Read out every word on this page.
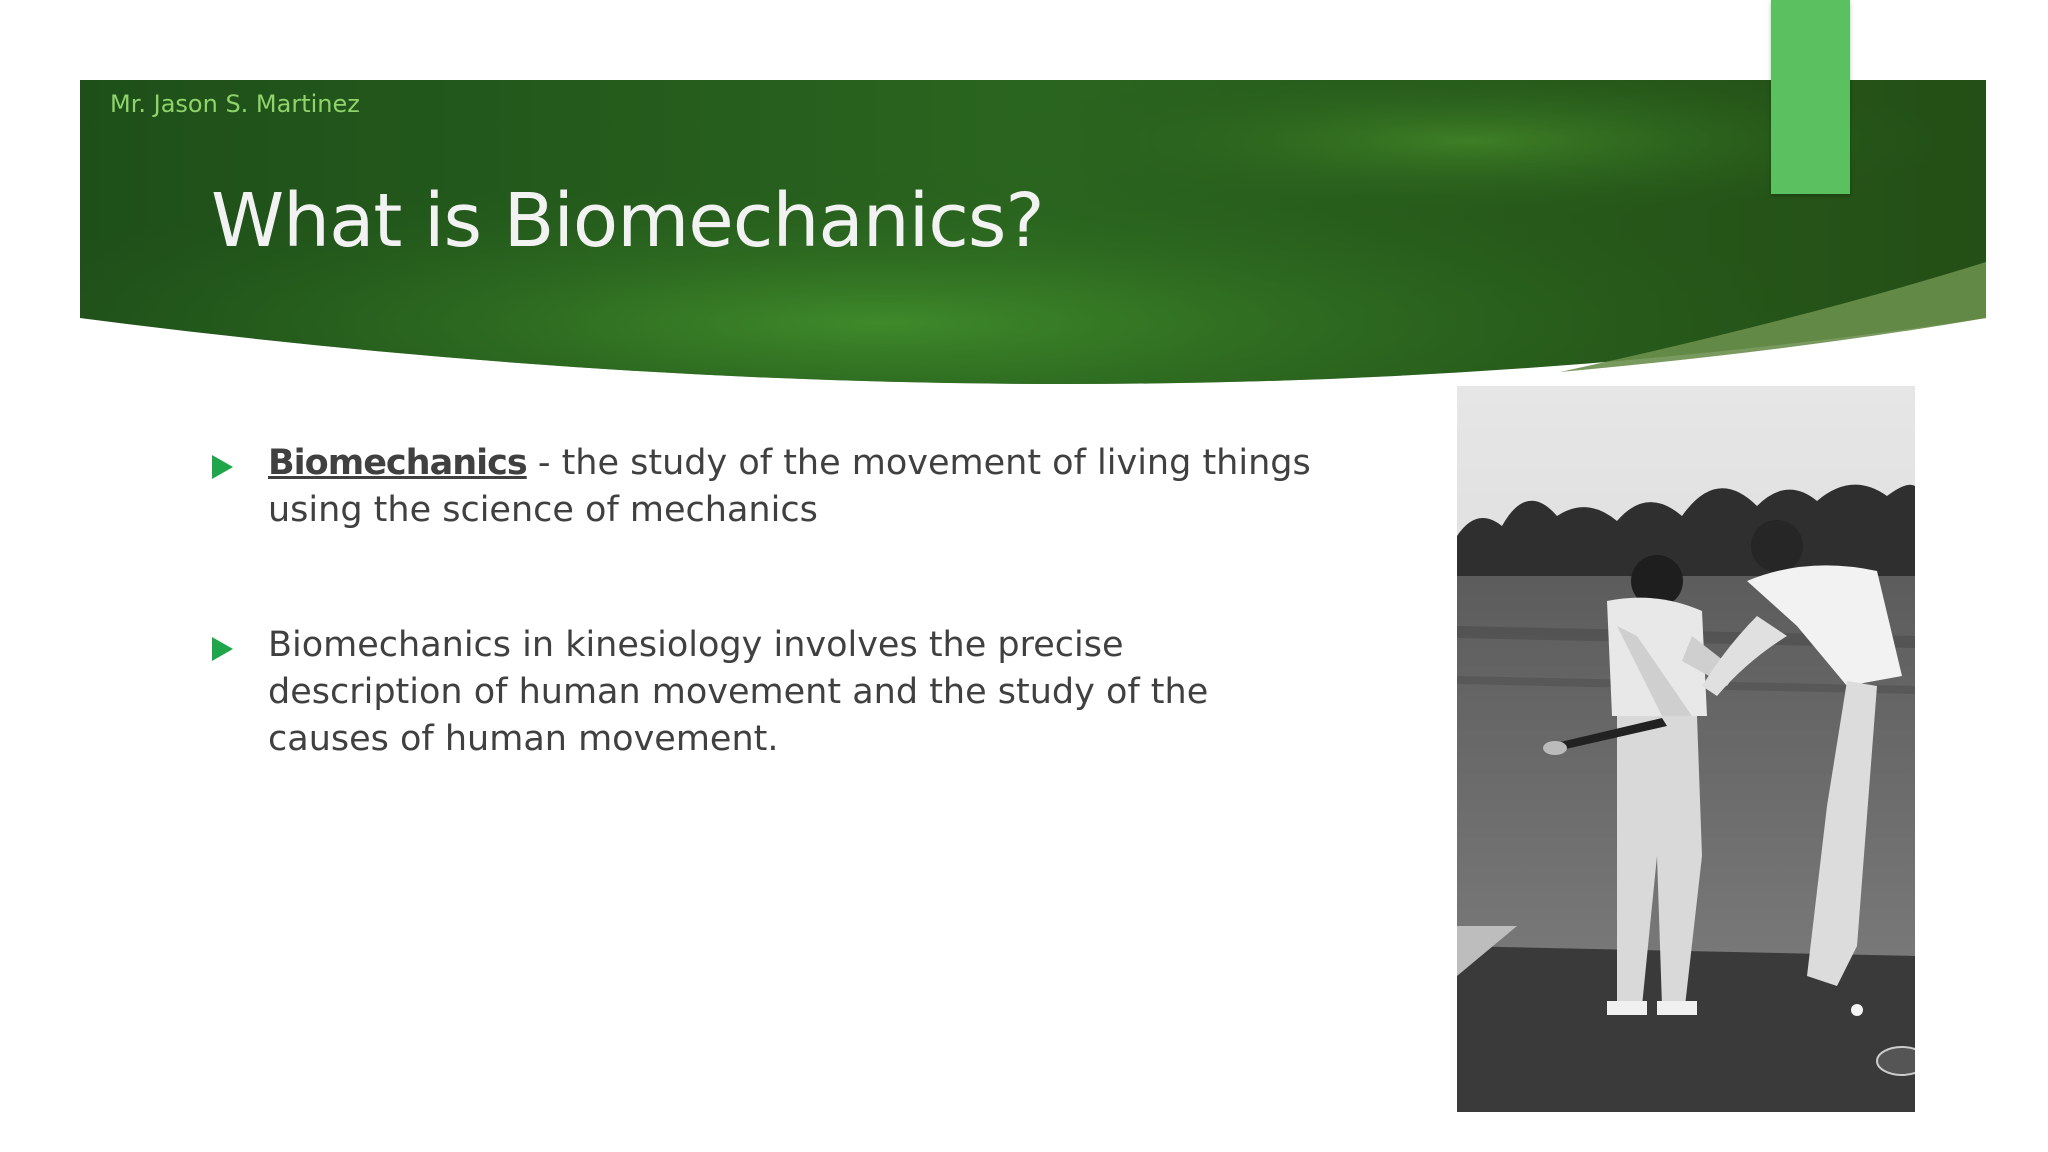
Mr. Jason S. Martinez
What is Biomechanics?
Biomechanics - the study of the movement of living things using the science of mechanics
Biomechanics in kinesiology involves the precise description of human movement and the study of the causes of human movement.
